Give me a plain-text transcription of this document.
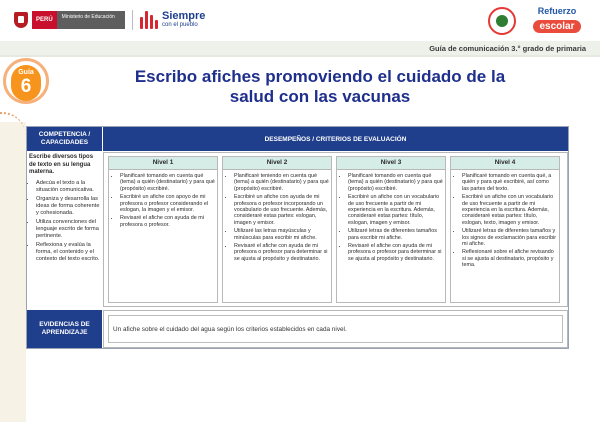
PERÚ	Ministerio de Educación	Siempre
con el pueblo
Refuerzo
escolar
Guía de comunicación 3.° grado de primaria
Guía
6	Escribo afiches promoviendo el cuidado de la
salud con las vacunas
COMPETENCIA / CAPACIDADES	DESEMPEÑOS / CRITERIOS DE EVALUACIÓN
Escribe diversos tipos de texto en su lengua materna.
• Adecúa el texto a la situación comunicativa.
• Organiza y desarrolla las ideas de forma coherente y cohesionada.
• Utiliza convenciones del lenguaje escrito de forma pertinente.
• Reflexiona y evalúa la forma, el contenido y el contexto del texto escrito.
Nivel 1
• Planificaré tomando en cuenta qué (tema) a quién (destinatario) y para qué (propósito) escribiré.
• Escribiré un afiche con apoyo de mi profesora o profesor considerando el eslogan, la imagen y el emisor.
• Revisaré el afiche con ayuda de mi profesora o profesor.
Nivel 2
• Planificaré teniendo en cuenta qué (tema) a quién (destinatario) y para qué (propósito) escribiré.
• Escribiré un afiche con ayuda de mi profesora o profesor incorporando un vocabulario de uso frecuente. Además, consideraré estas partes: eslogan, imagen y emisor.
• Utilizaré las letras mayúsculas y minúsculas para escribir mi afiche.
• Revisaré el afiche con ayuda de mi profesora o profesor para determinar si se ajusta al propósito y destinatario.
Nivel 3
• Planificaré tomando en cuenta qué (tema) a quién (destinatario) y para qué (propósito) escribiré.
• Escribiré un afiche con un vocabulario de uso frecuente a partir de mi experiencia en la escritura. Además, consideraré estas partes: título, eslogan, imagen y emisor.
• Utilizaré letras de diferentes tamaños para escribir mi afiche.
• Revisaré el afiche con ayuda de mi profesora o profesor para determinar si se ajusta al propósito y destinatario.
Nivel 4
• Planificaré tomando en cuenta qué, a quién y para qué escribiré, así como las partes del texto.
• Escribiré un afiche con un vocabulario de uso frecuente a partir de mi experiencia en la escritura. Además, consideraré estas partes: título, eslogan, texto, imagen y emisor.
• Utilizaré letras de diferentes tamaños y los signos de exclamación para escribir mi afiche.
• Reflexionaré sobre el afiche revisando si se ajusta al destinatario, propósito y tema.
EVIDENCIAS DE APRENDIZAJE	Un afiche sobre el cuidado del agua según los criterios establecidos en cada nivel.
